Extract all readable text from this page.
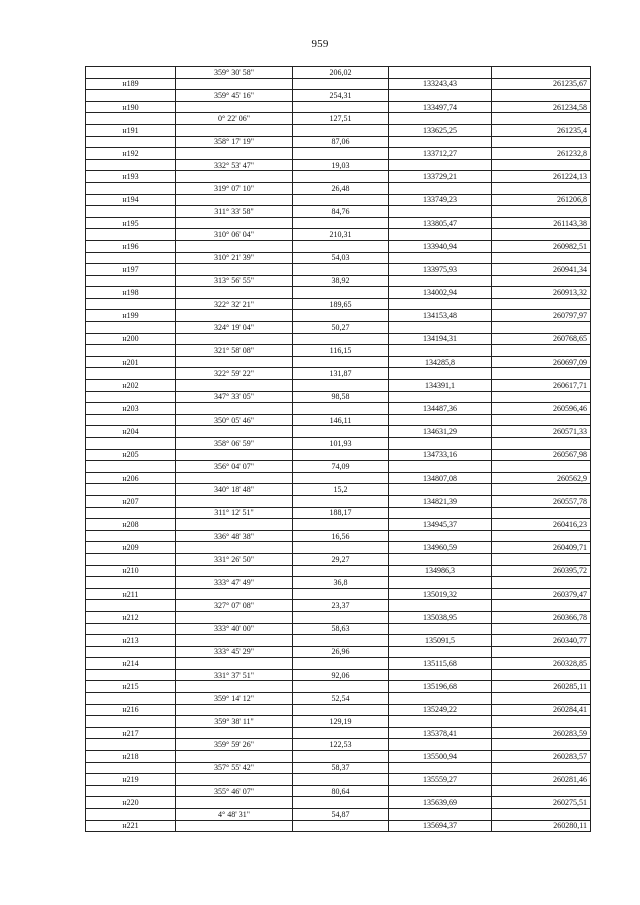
959
	359° 30' 58"	206,02		
н189			133243,43	261235,67
	359° 45' 16"	254,31		
н190			133497,74	261234,58
	0° 22' 06"	127,51		
н191			133625,25	261235,4
	358° 17' 19"	87,06		
н192			133712,27	261232,8
	332° 53' 47"	19,03		
н193			133729,21	261224,13
	319° 07' 10"	26,48		
н194			133749,23	261206,8
	311° 33' 58"	84,76		
н195			133805,47	261143,38
	310° 06' 04"	210,31		
н196			133940,94	260982,51
	310° 21' 39"	54,03		
н197			133975,93	260941,34
	313° 56' 55"	38,92		
н198			134002,94	260913,32
	322° 32' 21"	189,65		
н199			134153,48	260797,97
	324° 19' 04"	50,27		
н200			134194,31	260768,65
	321° 58' 08"	116,15		
н201			134285,8	260697,09
	322° 59' 22"	131,87		
н202			134391,1	260617,71
	347° 33' 05"	98,58		
н203			134487,36	260596,46
	350° 05' 46"	146,11		
н204			134631,29	260571,33
	358° 06' 59"	101,93		
н205			134733,16	260567,98
	356° 04' 07"	74,09		
н206			134807,08	260562,9
	340° 18' 48"	15,2		
н207			134821,39	260557,78
	311° 12' 51"	188,17		
н208			134945,37	260416,23
	336° 48' 38"	16,56		
н209			134960,59	260409,71
	331° 26' 50"	29,27		
н210			134986,3	260395,72
	333° 47' 49"	36,8		
н211			135019,32	260379,47
	327° 07' 08"	23,37		
н212			135038,95	260366,78
	333° 40' 00"	58,63		
н213			135091,5	260340,77
	333° 45' 29"	26,96		
н214			135115,68	260328,85
	331° 37' 51"	92,06		
н215			135196,68	260285,11
	359° 14' 12"	52,54		
н216			135249,22	260284,41
	359° 38' 11"	129,19		
н217			135378,41	260283,59
	359° 59' 26"	122,53		
н218			135500,94	260283,57
	357° 55' 42"	58,37		
н219			135559,27	260281,46
	355° 46' 07"	80,64		
н220			135639,69	260275,51
	4° 48' 31"	54,87		
н221			135694,37	260280,11
